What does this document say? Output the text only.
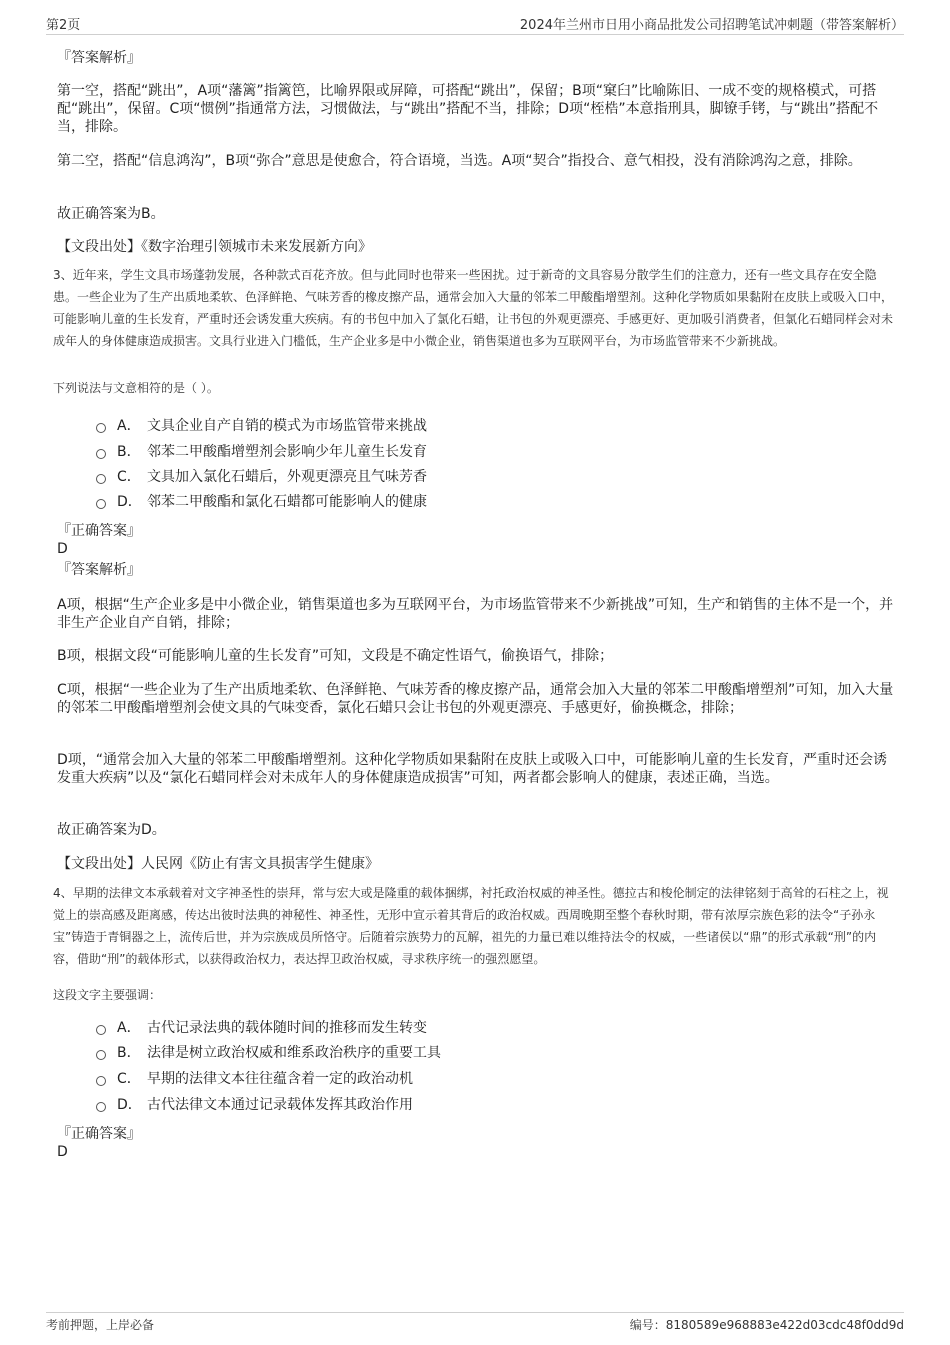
第2页	2024年兰州市日用小商品批发公司招聘笔试冲刺题（带答案解析）
『答案解析』
第一空，搭配“跳出”，A项“藩篱”指篱笆，比喻界限或屏障，可搭配“跳出”，保留；B项“窠臼”比喻陈旧、一成不变的规格模式，可搭配“跳出”，保留。C项“惯例”指通常方法，习惯做法，与“跳出”搭配不当，排除；D项“桎梏”本意指刑具，脚镣手铐，与“跳出”搭配不当，排除。
第二空，搭配“信息鸿沟”，B项“弥合”意思是使愈合，符合语境，当选。A项“契合”指投合、意气相投，没有消除鸿沟之意，排除。
故正确答案为B。
【文段出处】《数字治理引领城市未来发展新方向》
3、近年来，学生文具市场蓬勃发展，各种款式百花齐放。但与此同时也带来一些困扰。过于新奇的文具容易分散学生们的注意力，还有一些文具存在安全隐患。一些企业为了生产出质地柔软、色泽鲜艳、气味芳香的橡皮擦产品，通常会加入大量的邻苯二甲酸酯增塑剂。这种化学物质如果黏附在皮肤上或吸入口中，可能影响儿童的生长发育，严重时还会诱发重大疾病。有的书包中加入了氯化石蜡，让书包的外观更漂亮、手感更好、更加吸引消费者，但氯化石蜡同样会对未成年人的身体健康造成损害。文具行业进入门槛低，生产企业多是中小微企业，销售渠道也多为互联网平台，为市场监管带来不少新挑战。
下列说法与文意相符的是（ ）。
A． 文具企业自产自销的模式为市场监管带来挑战
B． 邻苯二甲酸酯增塑剂会影响少年儿童生长发育
C． 文具加入氯化石蜡后，外观更漂亮且气味芳香
D． 邻苯二甲酸酯和氯化石蜡都可能影响人的健康
『正确答案』
D
『答案解析』
A项，根据“生产企业多是中小微企业，销售渠道也多为互联网平台，为市场监管带来不少新挑战”可知，生产和销售的主体不是一个，并非生产企业自产自销，排除；
B项，根据文段“可能影响儿童的生长发育”可知，文段是不确定性语气，偷换语气，排除；
C项，根据“一些企业为了生产出质地柔软、色泽鲜艳、气味芳香的橡皮擦产品，通常会加入大量的邻苯二甲酸酯增塑剂”可知，加入大量的邻苯二甲酸酯增塑剂会使文具的气味变香，氯化石蜡只会让书包的外观更漂亮、手感更好，偷换概念，排除；
D项，“通常会加入大量的邻苯二甲酸酯增塑剂。这种化学物质如果黏附在皮肤上或吸入口中，可能影响儿童的生长发育，严重时还会诱发重大疾病”以及“氯化石蜡同样会对未成年人的身体健康造成损害”可知，两者都会影响人的健康，表述正确，当选。
故正确答案为D。
【文段出处】人民网《防止有害文具损害学生健康》
4、早期的法律文本承载着对文字神圣性的崇拜，常与宏大或是隆重的载体捆绑，衬托政治权威的神圣性。德拉古和梭伦制定的法律铭刻于高耸的石柱之上，视觉上的崇高感及距离感，传达出彼时法典的神秘性、神圣性，无形中宣示着其背后的政治权威。西周晚期至整个春秋时期，带有浓厚宗族色彩的法令“子孙永宝”铸造于青铜器之上，流传后世，并为宗族成员所恪守。后随着宗族势力的瓦解，祖先的力量已难以维持法令的权威，一些诸侯以“鼎”的形式承载“刑”的内容，借助“刑”的载体形式，以获得政治权力，表达捍卫政治权威，寻求秩序统一的强烈愿望。
这段文字主要强调：
A． 古代记录法典的载体随时间的推移而发生转变
B． 法律是树立政治权威和维系政治秩序的重要工具
C． 早期的法律文本往往蕴含着一定的政治动机
D． 古代法律文本通过记录载体发挥其政治作用
『正确答案』
D
考前押题，上岸必备	编号：8180589e968883e422d03cdc48f0dd9d
